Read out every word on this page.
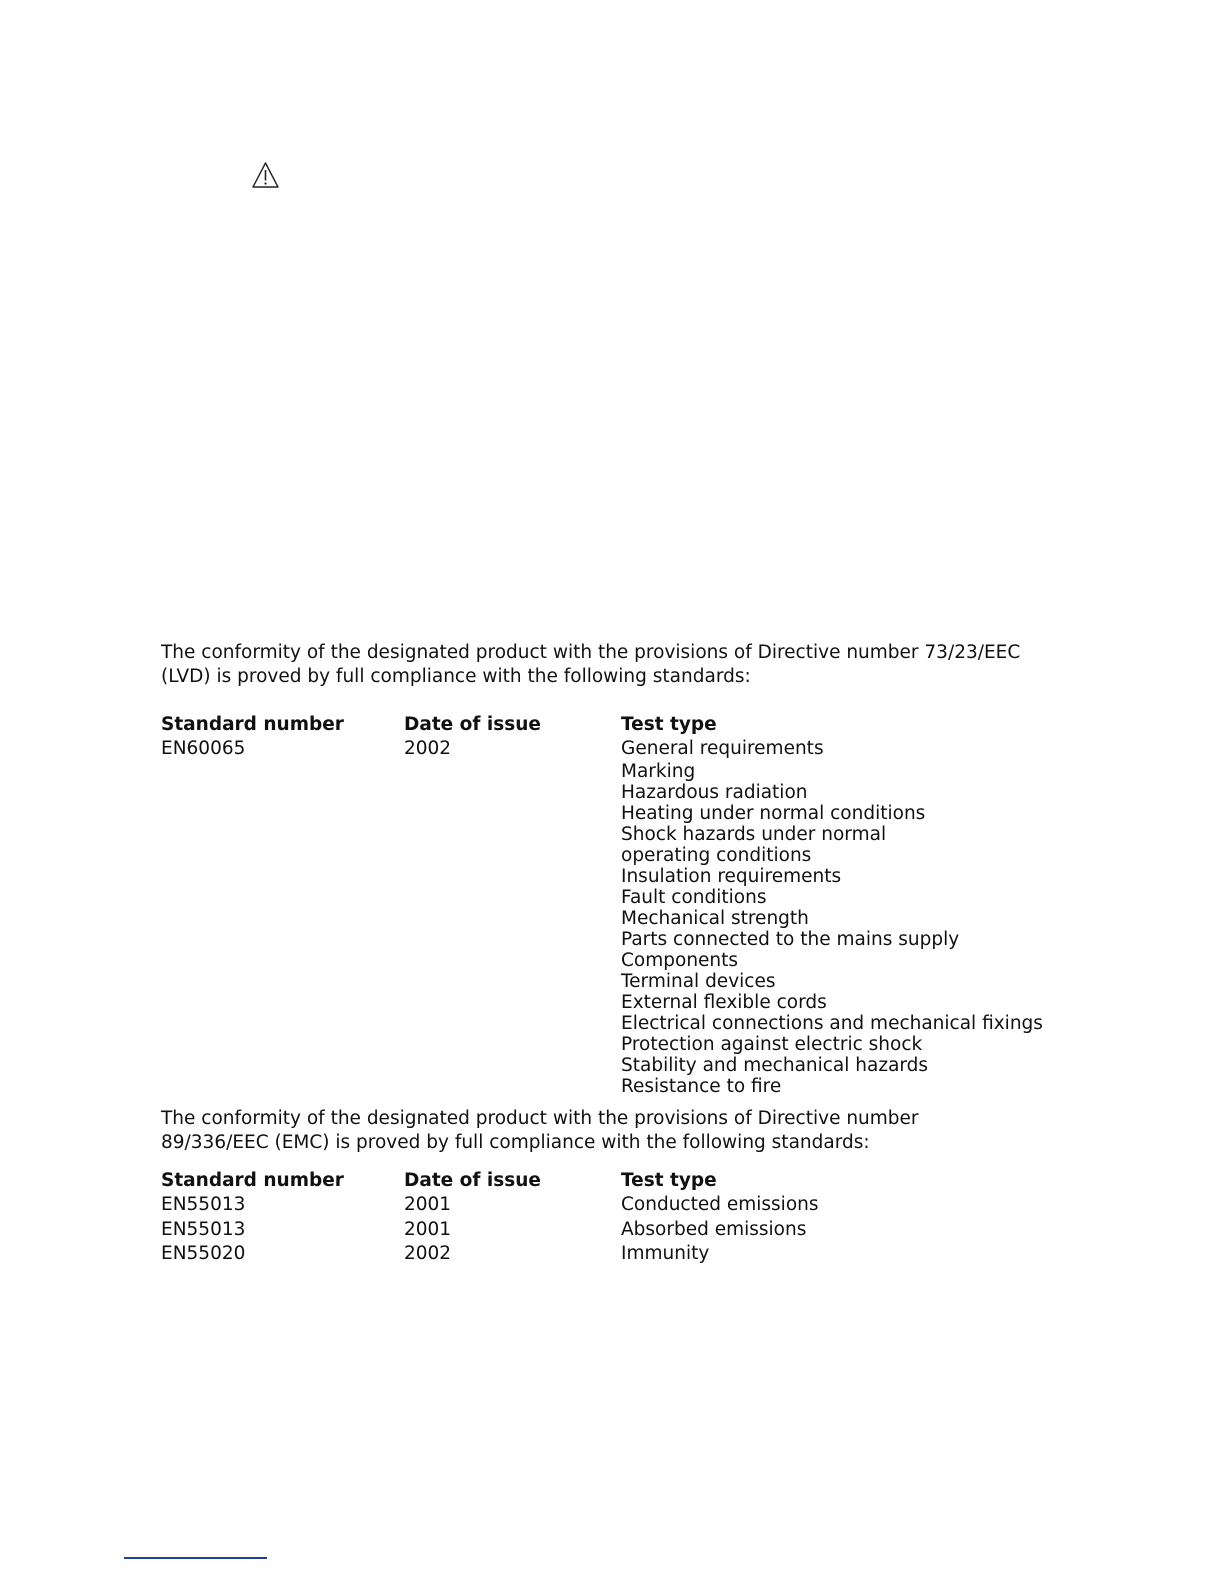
The conformity of the designated product with the provisions of Directive number 73/23/EEC

(LVD) is proved by full compliance with the following standards:

Standard number	Date of issue	Test type
EN60065	2002	General requirements
Marking
Hazardous radiation
Heating under normal conditions
Shock hazards under normal
operating conditions
Insulation requirements
Fault conditions
Mechanical strength
Parts connected to the mains supply
Components
Terminal devices
External flexible cords
Electrical connections and mechanical fixings
Protection against electric shock
Stability and mechanical hazards
Resistance to fire

The conformity of the designated product with the provisions of Directive number

89/336/EEC (EMC) is proved by full compliance with the following standards:

Standard number	Date of issue	Test type
EN55013	2001	Conducted emissions
EN55013	2001	Absorbed emissions
EN55020	2002	Immunity
